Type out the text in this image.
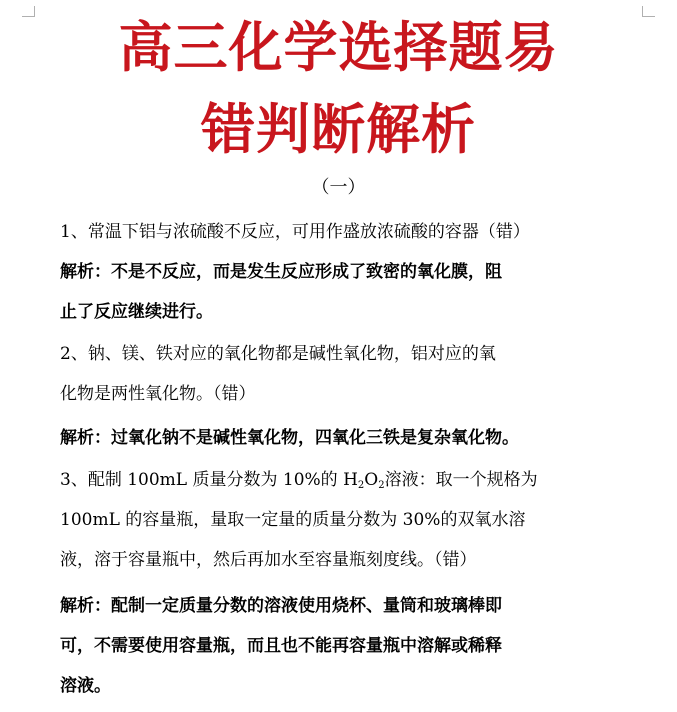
高三化学选择题易
错判断解析
（一）
1、常温下铝与浓硫酸不反应，可用作盛放浓硫酸的容器（错）
解析：不是不反应，而是发生反应形成了致密的氧化膜，阻
止了反应继续进行。
2、钠、镁、铁对应的氧化物都是碱性氧化物，铝对应的氧
化物是两性氧化物。（错）
解析：过氧化钠不是碱性氧化物，四氧化三铁是复杂氧化物。
3、配制 100mL 质量分数为 10%的 $H_2O_2$溶液：取一个规格为
100mL 的容量瓶，量取一定量的质量分数为 30%的双氧水溶
液，溶于容量瓶中，然后再加水至容量瓶刻度线。（错）
解析：配制一定质量分数的溶液使用烧杯、量筒和玻璃棒即
可，不需要使用容量瓶，而且也不能再容量瓶中溶解或稀释
溶液。
